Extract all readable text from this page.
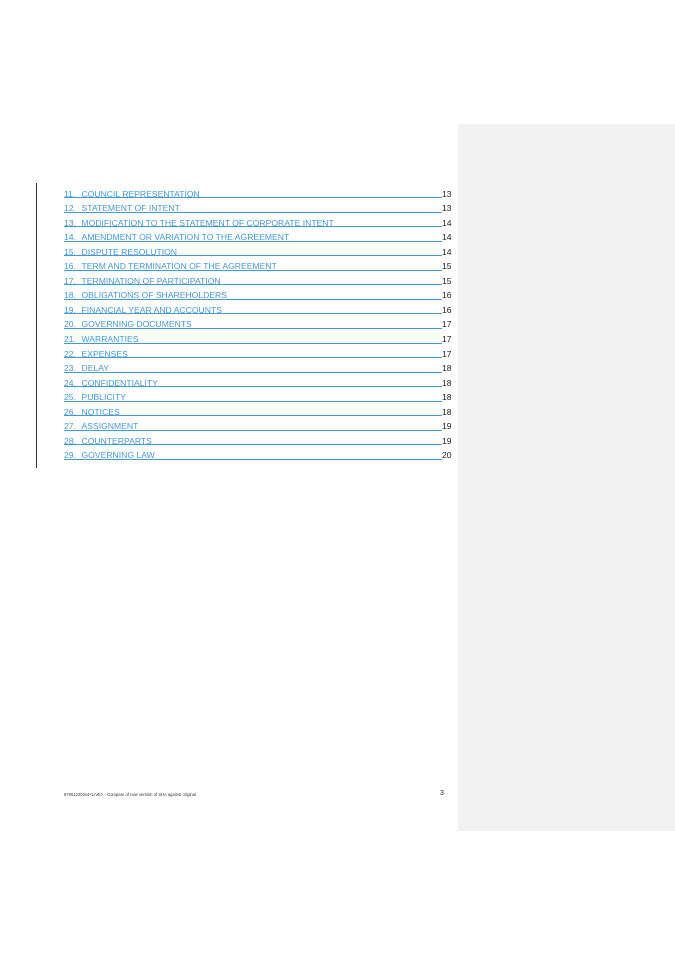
11. COUNCIL REPRESENTATION	13
12. STATEMENT OF INTENT	13
13. MODIFICATION TO THE STATEMENT OF CORPORATE INTENT	14
14. AMENDMENT OR VARIATION TO THE AGREEMENT	14
15. DISPUTE RESOLUTION	14
16. TERM AND TERMINATION OF THE AGREEMENT	15
17. TERMINATION OF PARTICIPATION	15
18. OBLIGATIONS OF SHAREHOLDERS	16
19. FINANCIAL YEAR AND ACCOUNTS	16
20. GOVERNING DOCUMENTS	17
21. WARRANTIES	17
22. EXPENSES	17
23. DELAY	18
24. CONFIDENTIALITY	18
25. PUBLICITY	18
26. NOTICES	18
27. ASSIGNMENT	19
28. COUNTERPARTS	19
29. GOVERNING LAW	20
870512203v4<LIVE> - Compare of new version of SHA against original	3
